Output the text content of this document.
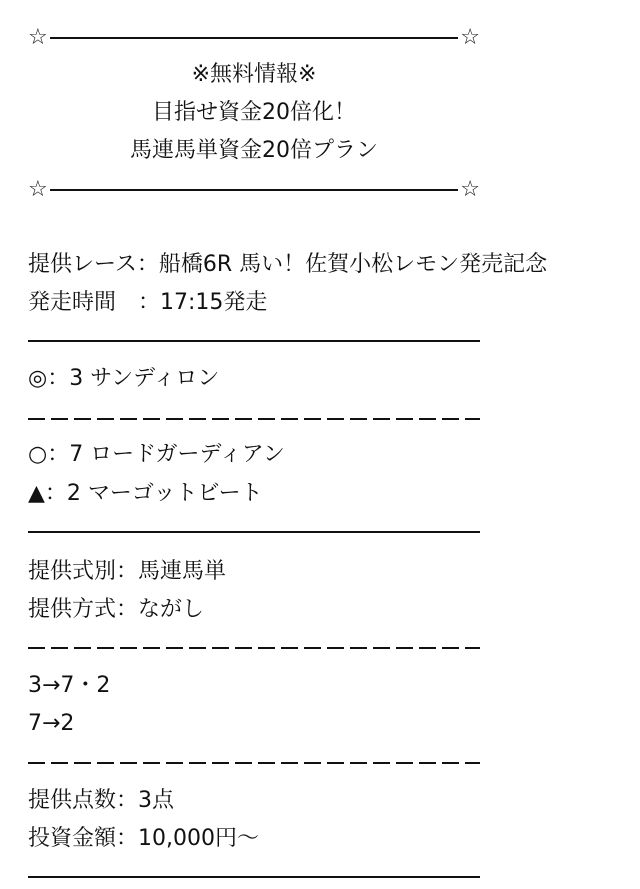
☆	☆
※無料情報※
目指せ資金20倍化！
馬連馬単資金20倍プラン
☆	☆
提供レース：船橋6R 馬い！佐賀小松レモン発売記念
発走時間　：17:15発走
◎：3 サンディロン
○：7 ロードガーディアン
▲：2 マーゴットビート
提供式別：馬連馬単
提供方式：ながし
3→7・2
7→2
提供点数：3点
投資金額：10,000円〜
